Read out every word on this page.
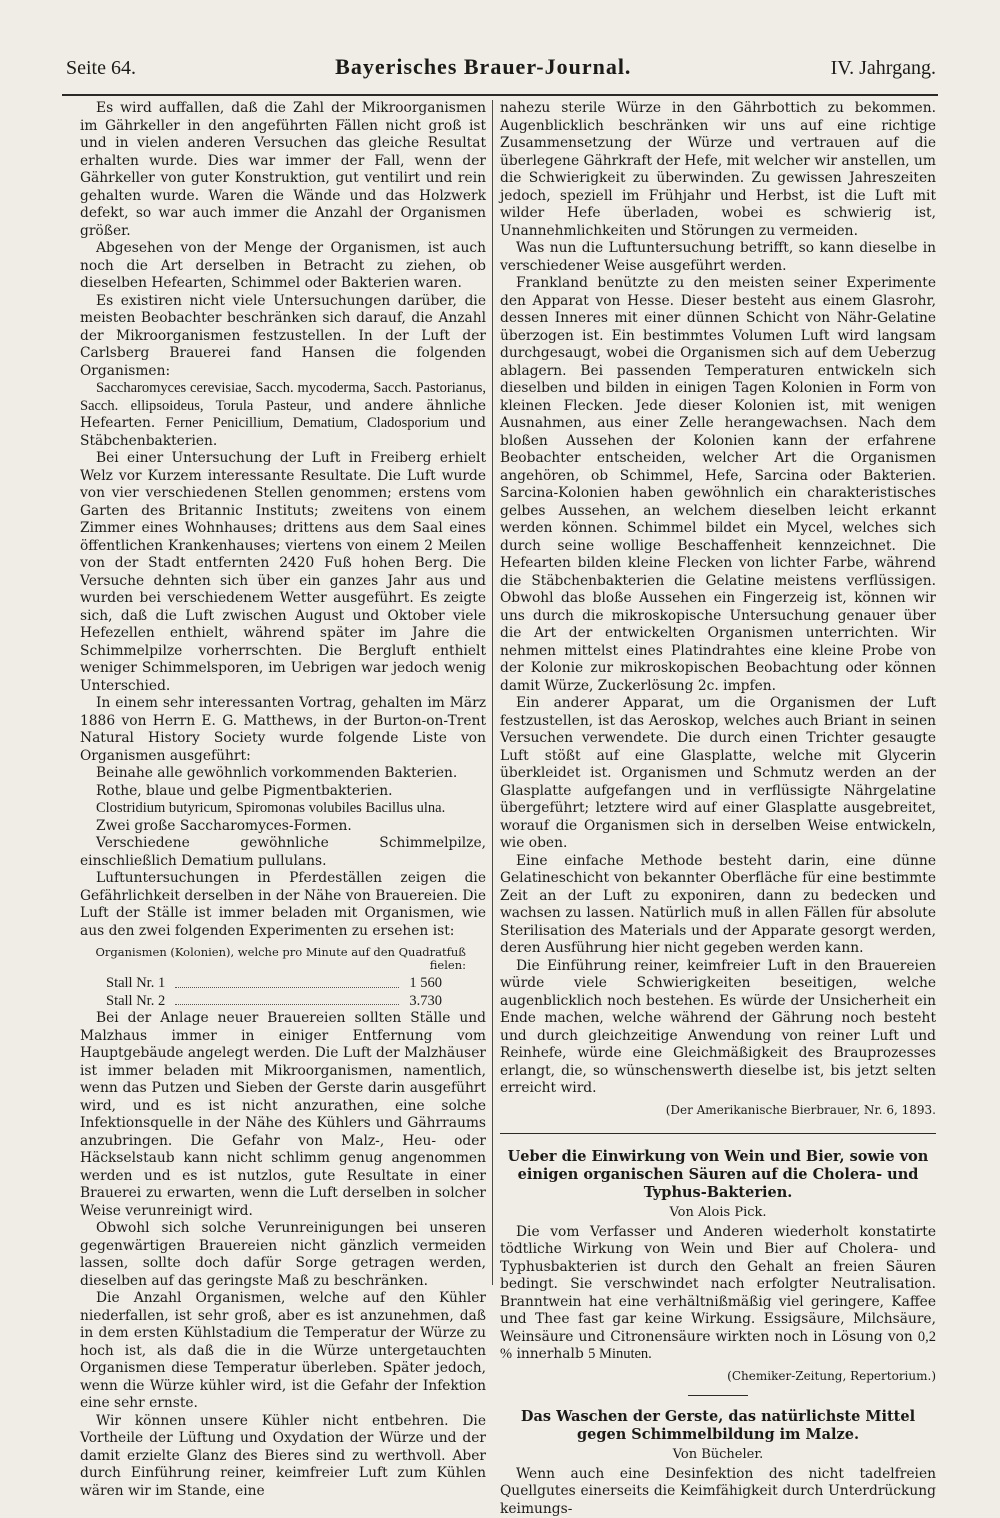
Seite 64.	Bayerisches Brauer-Journal.	IV. Jahrgang.

Es wird auffallen, daß die Zahl der Mikroorganismen im Gährkeller in den angeführten Fällen nicht groß ist und in vielen anderen Versuchen das gleiche Resultat erhalten wurde. Dies war immer der Fall, wenn der Gährkeller von guter Konstruktion, gut ventilirt und rein gehalten wurde. Waren die Wände und das Holzwerk defekt, so war auch immer die Anzahl der Organismen größer.

Abgesehen von der Menge der Organismen, ist auch noch die Art derselben in Betracht zu ziehen, ob dieselben Hefearten, Schimmel oder Bakterien waren.

Es existiren nicht viele Untersuchungen darüber, die meisten Beobachter beschränken sich darauf, die Anzahl der Mikroorganismen festzustellen. In der Luft der Carlsberg Brauerei fand Hansen die folgenden Organismen:

Saccharomyces cerevisiae, Sacch. mycoderma, Sacch. Pastorianus, Sacch. ellipsoideus, Torula Pasteur, und andere ähnliche Hefearten. Ferner Penicillium, Dematium, Cladosporium und Stäbchenbakterien.

Bei einer Untersuchung der Luft in Freiberg erhielt Welz vor Kurzem interessante Resultate. Die Luft wurde von vier verschiedenen Stellen genommen; erstens vom Garten des Britannic Instituts; zweitens von einem Zimmer eines Wohnhauses; drittens aus dem Saal eines öffentlichen Krankenhauses; viertens von einem 2 Meilen von der Stadt entfernten 2420 Fuß hohen Berg. Die Versuche dehnten sich über ein ganzes Jahr aus und wurden bei verschiedenem Wetter ausgeführt. Es zeigte sich, daß die Luft zwischen August und Oktober viele Hefezellen enthielt, während später im Jahre die Schimmelpilze vorherrschten. Die Bergluft enthielt weniger Schimmelsporen, im Uebrigen war jedoch wenig Unterschied.

In einem sehr interessanten Vortrag, gehalten im März 1886 von Herrn E. G. Matthews, in der Burton-on-Trent Natural History Society wurde folgende Liste von Organismen ausgeführt:

Beinahe alle gewöhnlich vorkommenden Bakterien.

Rothe, blaue und gelbe Pigmentbakterien.

Clostridium butyricum, Spiromonas volubiles Bacillus ulna.

Zwei große Saccharomyces-Formen.

Verschiedene gewöhnliche Schimmelpilze, einschließlich Dematium pullulans.

Luftuntersuchungen in Pferdeställen zeigen die Gefährlichkeit derselben in der Nähe von Brauereien. Die Luft der Ställe ist immer beladen mit Organismen, wie aus den zwei folgenden Experimenten zu ersehen ist:

Organismen (Kolonien), welche pro Minute auf den Quadratfuß fielen:
Stall Nr. 1	1 560
Stall Nr. 2	3.730

Bei der Anlage neuer Brauereien sollten Ställe und Malzhaus immer in einiger Entfernung vom Hauptgebäude angelegt werden. Die Luft der Malzhäuser ist immer beladen mit Mikroorganismen, namentlich, wenn das Putzen und Sieben der Gerste darin ausgeführt wird, und es ist nicht anzurathen, eine solche Infektionsquelle in der Nähe des Kühlers und Gährraums anzubringen. Die Gefahr von Malz-, Heu- oder Häckselstaub kann nicht schlimm genug angenommen werden und es ist nutzlos, gute Resultate in einer Brauerei zu erwarten, wenn die Luft derselben in solcher Weise verunreinigt wird.

Obwohl sich solche Verunreinigungen bei unseren gegenwärtigen Brauereien nicht gänzlich vermeiden lassen, sollte doch dafür Sorge getragen werden, dieselben auf das geringste Maß zu beschränken.

Die Anzahl Organismen, welche auf den Kühler niederfallen, ist sehr groß, aber es ist anzunehmen, daß in dem ersten Kühlstadium die Temperatur der Würze zu hoch ist, als daß die in die Würze untergetauchten Organismen diese Temperatur überleben. Später jedoch, wenn die Würze kühler wird, ist die Gefahr der Infektion eine sehr ernste.

Wir können unsere Kühler nicht entbehren. Die Vortheile der Lüftung und Oxydation der Würze und der damit erzielte Glanz des Bieres sind zu werthvoll. Aber durch Einführung reiner, keimfreier Luft zum Kühlen wären wir im Stande, eine

nahezu sterile Würze in den Gährbottich zu bekommen. Augenblicklich beschränken wir uns auf eine richtige Zusammensetzung der Würze und vertrauen auf die überlegene Gährkraft der Hefe, mit welcher wir anstellen, um die Schwierigkeit zu überwinden. Zu gewissen Jahreszeiten jedoch, speziell im Frühjahr und Herbst, ist die Luft mit wilder Hefe überladen, wobei es schwierig ist, Unannehmlichkeiten und Störungen zu vermeiden.

Was nun die Luftuntersuchung betrifft, so kann dieselbe in verschiedener Weise ausgeführt werden.

Frankland benützte zu den meisten seiner Experimente den Apparat von Hesse. Dieser besteht aus einem Glasrohr, dessen Inneres mit einer dünnen Schicht von Nähr-Gelatine überzogen ist. Ein bestimmtes Volumen Luft wird langsam durchgesaugt, wobei die Organismen sich auf dem Ueberzug ablagern. Bei passenden Temperaturen entwickeln sich dieselben und bilden in einigen Tagen Kolonien in Form von kleinen Flecken. Jede dieser Kolonien ist, mit wenigen Ausnahmen, aus einer Zelle herangewachsen. Nach dem bloßen Aussehen der Kolonien kann der erfahrene Beobachter entscheiden, welcher Art die Organismen angehören, ob Schimmel, Hefe, Sarcina oder Bakterien. Sarcina-Kolonien haben gewöhnlich ein charakteristisches gelbes Aussehen, an welchem dieselben leicht erkannt werden können. Schimmel bildet ein Mycel, welches sich durch seine wollige Beschaffenheit kennzeichnet. Die Hefearten bilden kleine Flecken von lichter Farbe, während die Stäbchenbakterien die Gelatine meistens verflüssigen. Obwohl das bloße Aussehen ein Fingerzeig ist, können wir uns durch die mikroskopische Untersuchung genauer über die Art der entwickelten Organismen unterrichten. Wir nehmen mittelst eines Platindrahtes eine kleine Probe von der Kolonie zur mikroskopischen Beobachtung oder können damit Würze, Zuckerlösung 2c. impfen.

Ein anderer Apparat, um die Organismen der Luft festzustellen, ist das Aeroskop, welches auch Briant in seinen Versuchen verwendete. Die durch einen Trichter gesaugte Luft stößt auf eine Glasplatte, welche mit Glycerin überkleidet ist. Organismen und Schmutz werden an der Glasplatte aufgefangen und in verflüssigte Nährgelatine übergeführt; letztere wird auf einer Glasplatte ausgebreitet, worauf die Organismen sich in derselben Weise entwickeln, wie oben.

Eine einfache Methode besteht darin, eine dünne Gelatineschicht von bekannter Oberfläche für eine bestimmte Zeit an der Luft zu exponiren, dann zu bedecken und wachsen zu lassen. Natürlich muß in allen Fällen für absolute Sterilisation des Materials und der Apparate gesorgt werden, deren Ausführung hier nicht gegeben werden kann.

Die Einführung reiner, keimfreier Luft in den Brauereien würde viele Schwierigkeiten beseitigen, welche augenblicklich noch bestehen. Es würde der Unsicherheit ein Ende machen, welche während der Gährung noch besteht und durch gleichzeitige Anwendung von reiner Luft und Reinhefe, würde eine Gleichmäßigkeit des Brauprozesses erlangt, die, so wünschenswerth dieselbe ist, bis jetzt selten erreicht wird.

(Der Amerikanische Bierbrauer, Nr. 6, 1893.
Ueber die Einwirkung von Wein und Bier, sowie von einigen organischen Säuren auf die Cholera- und Typhus-Bakterien.
Von Alois Pick.

Die vom Verfasser und Anderen wiederholt konstatirte tödtliche Wirkung von Wein und Bier auf Cholera- und Typhusbakterien ist durch den Gehalt an freien Säuren bedingt. Sie verschwindet nach erfolgter Neutralisation. Branntwein hat eine verhältnißmäßig viel geringere, Kaffee und Thee fast gar keine Wirkung. Essigsäure, Milchsäure, Weinsäure und Citronensäure wirkten noch in Lösung von 0,2 % innerhalb 5 Minuten.

(Chemiker-Zeitung, Repertorium.)
Das Waschen der Gerste, das natürlichste Mittel gegen Schimmelbildung im Malze.
Von Bücheler.

Wenn auch eine Desinfektion des nicht tadelfreien Quellgutes einerseits die Keimfähigkeit durch Unterdrückung keimungs-
